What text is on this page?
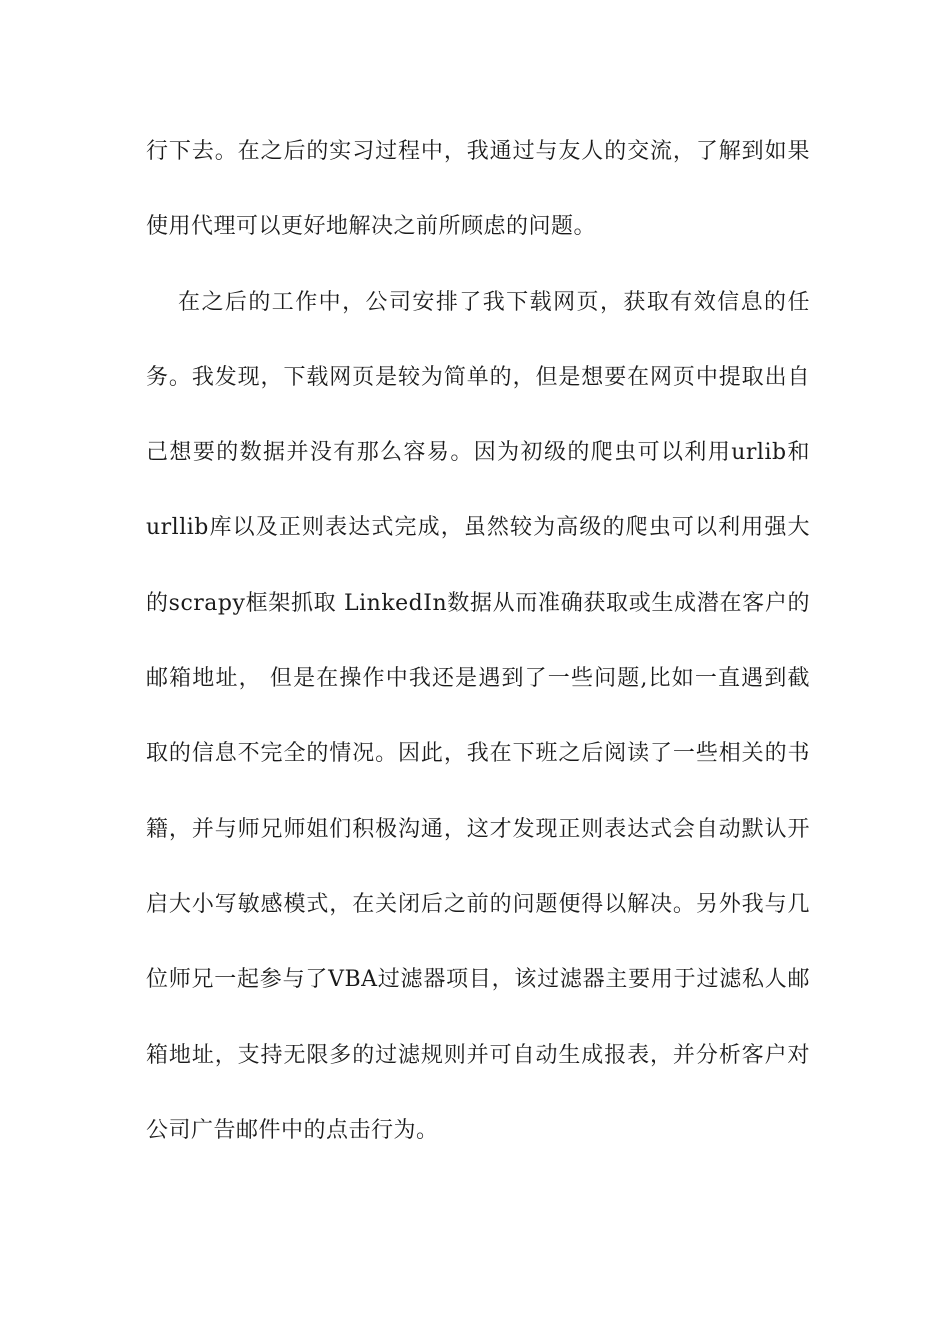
行下去。在之后的实习过程中，我通过与友人的交流，了解到如果
使用代理可以更好地解决之前所顾虑的问题。
在之后的工作中，公司安排了我下载网页，获取有效信息的任
务。我发现，下载网页是较为简单的，但是想要在网页中提取出自
己想要的数据并没有那么容易。因为初级的爬虫可以利用urlib和
urllib库以及正则表达式完成，虽然较为高级的爬虫可以利用强大
的scrapy框架抓取 LinkedIn数据从而准确获取或生成潜在客户的
邮箱地址， 但是在操作中我还是遇到了一些问题,比如一直遇到截
取的信息不完全的情况。因此，我在下班之后阅读了一些相关的书
籍，并与师兄师姐们积极沟通，这才发现正则表达式会自动默认开
启大小写敏感模式，在关闭后之前的问题便得以解决。另外我与几
位师兄一起参与了VBA过滤器项目，该过滤器主要用于过滤私人邮
箱地址，支持无限多的过滤规则并可自动生成报表，并分析客户对
公司广告邮件中的点击行为。
